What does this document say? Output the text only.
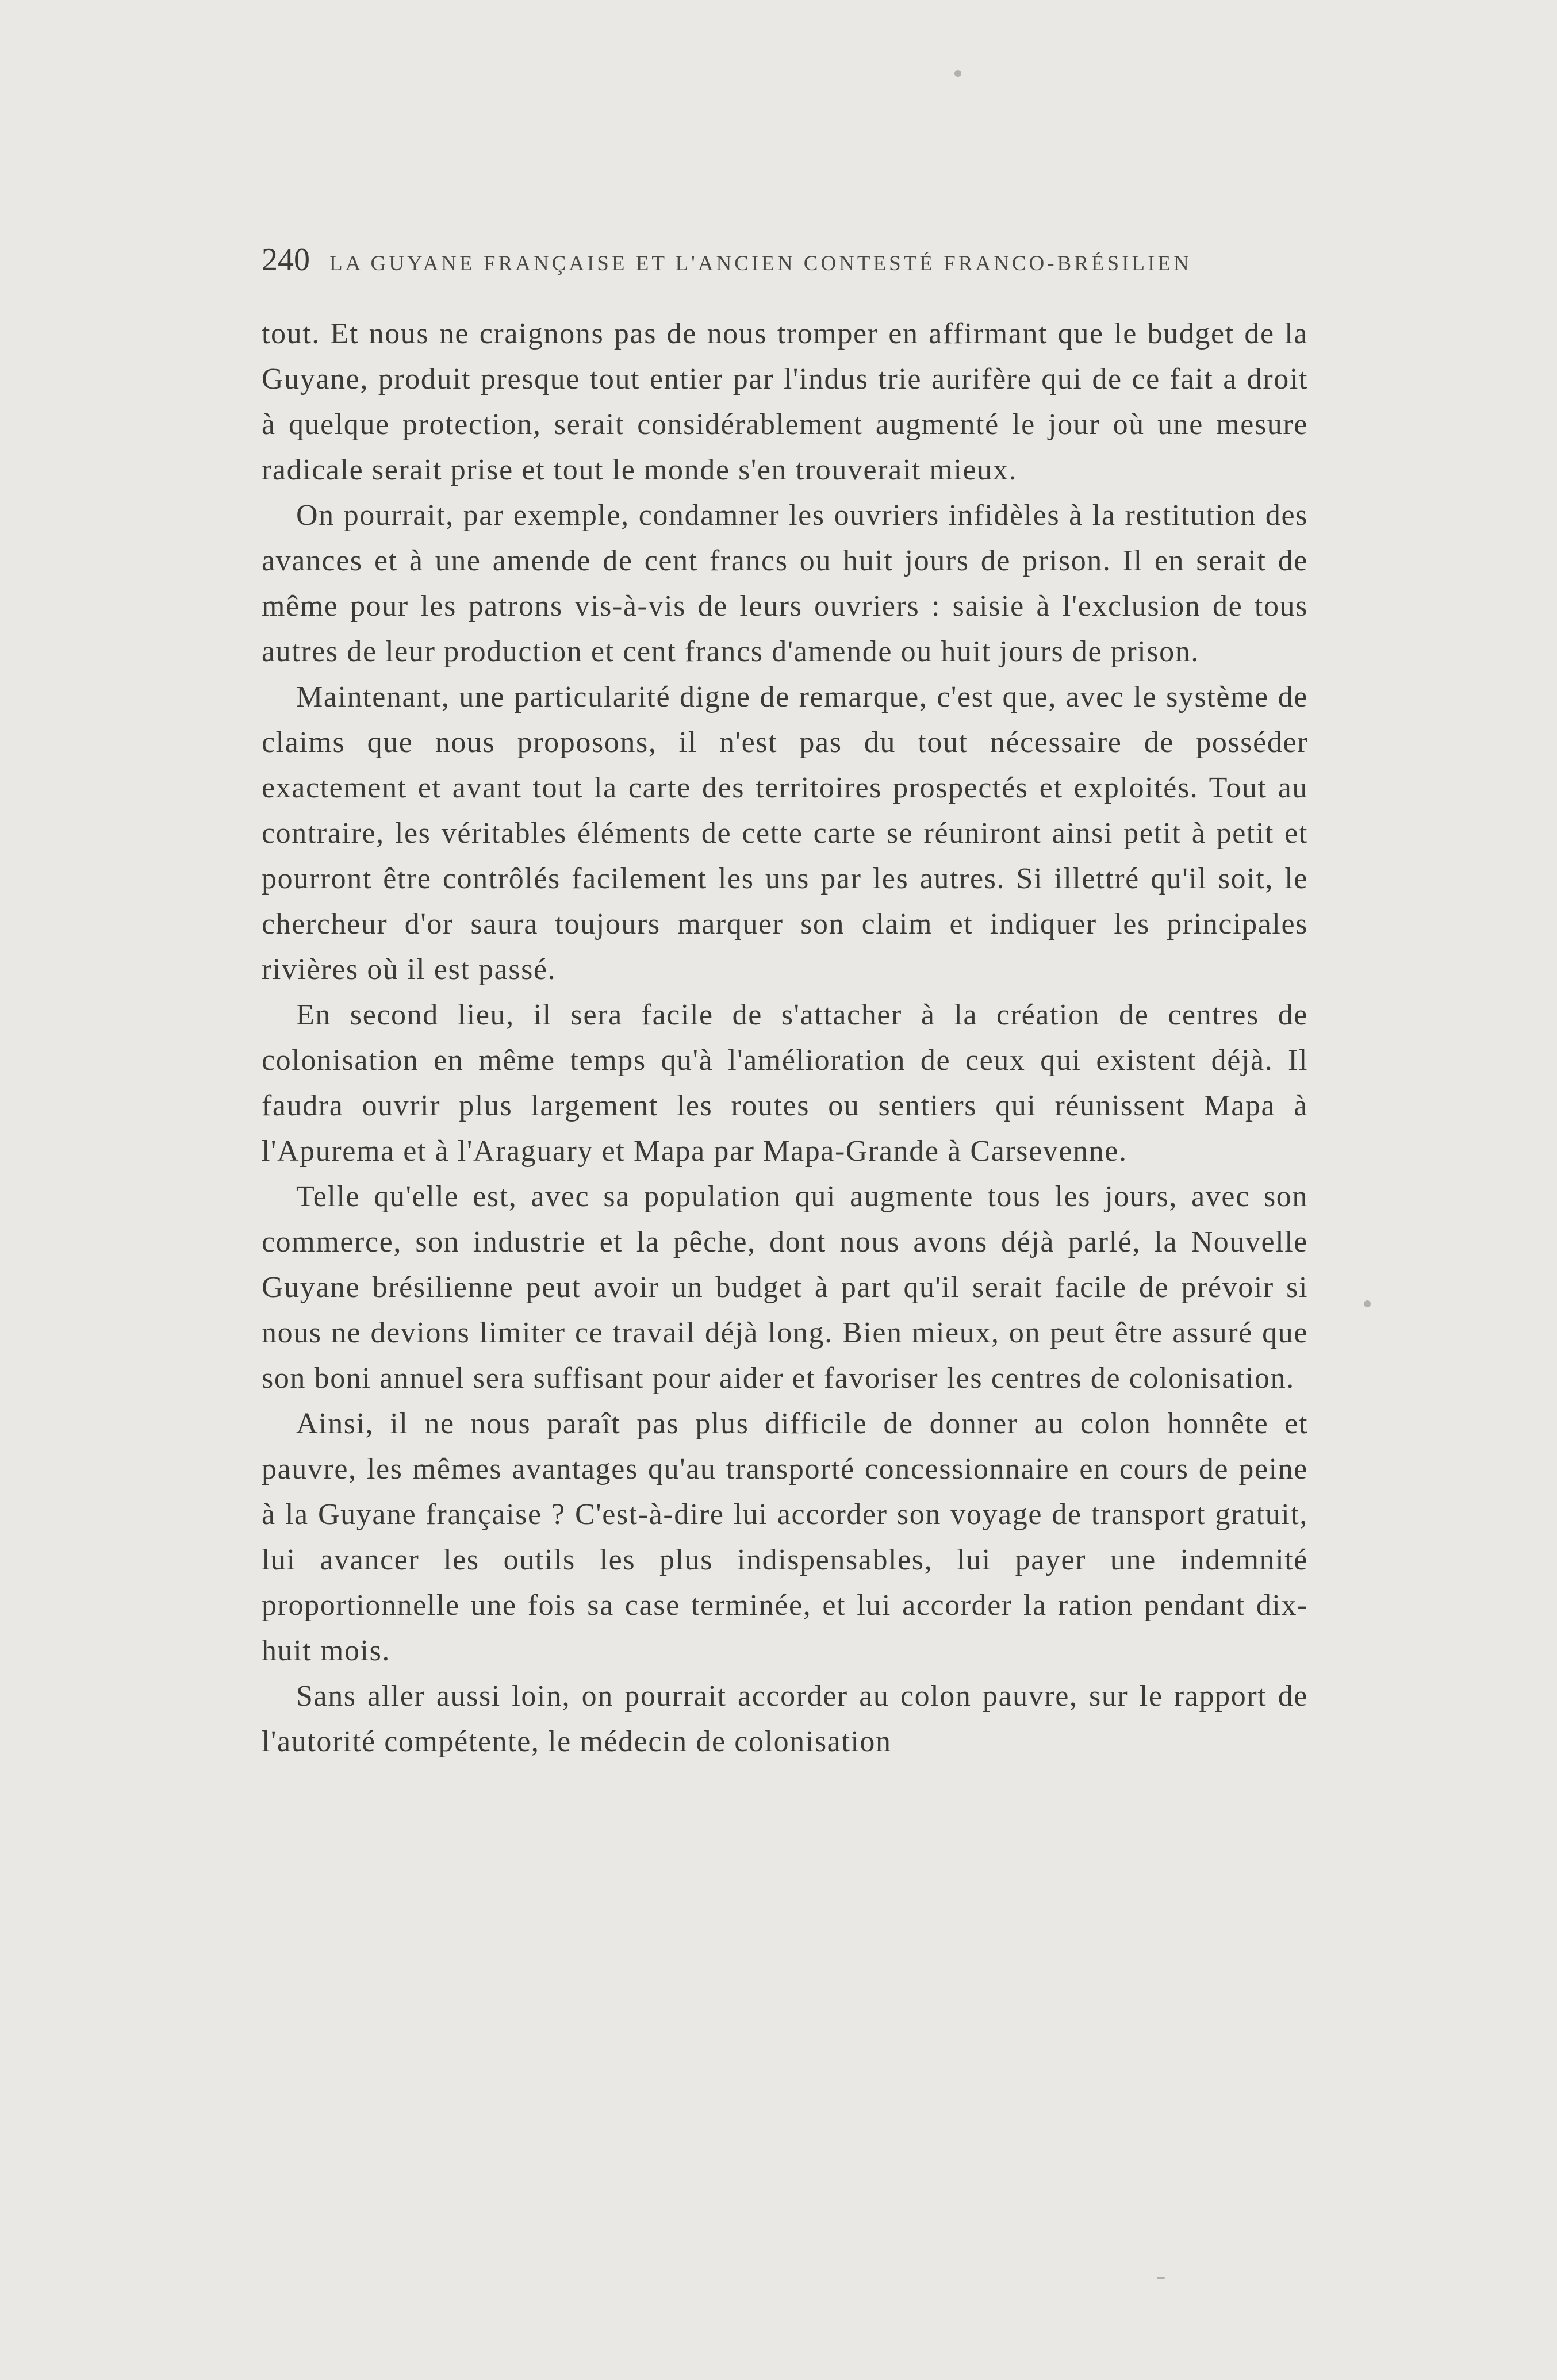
240 LA GUYANE FRANÇAISE ET L'ANCIEN CONTESTÉ FRANCO-BRÉSILIEN

tout. Et nous ne craignons pas de nous tromper en affirmant que le budget de la Guyane, produit presque tout entier par l'indus trie aurifère qui de ce fait a droit à quelque protection, serait considérablement augmenté le jour où une mesure radicale serait prise et tout le monde s'en trouverait mieux.

On pourrait, par exemple, condamner les ouvriers infidèles à la restitution des avances et à une amende de cent francs ou huit jours de prison. Il en serait de même pour les patrons vis-à-vis de leurs ouvriers : saisie à l'exclusion de tous autres de leur production et cent francs d'amende ou huit jours de prison.

Maintenant, une particularité digne de remarque, c'est que, avec le système de claims que nous proposons, il n'est pas du tout nécessaire de posséder exactement et avant tout la carte des territoires prospectés et exploités. Tout au contraire, les véritables éléments de cette carte se réuniront ainsi petit à petit et pourront être contrôlés facilement les uns par les autres. Si illettré qu'il soit, le chercheur d'or saura toujours marquer son claim et indiquer les principales rivières où il est passé.

En second lieu, il sera facile de s'attacher à la création de centres de colonisation en même temps qu'à l'amélioration de ceux qui existent déjà. Il faudra ouvrir plus largement les routes ou sentiers qui réunissent Mapa à l'Apurema et à l'Araguary et Mapa par Mapa-Grande à Carsevenne.

Telle qu'elle est, avec sa population qui augmente tous les jours, avec son commerce, son industrie et la pêche, dont nous avons déjà parlé, la Nouvelle Guyane brésilienne peut avoir un budget à part qu'il serait facile de prévoir si nous ne devions limiter ce travail déjà long. Bien mieux, on peut être assuré que son boni annuel sera suffisant pour aider et favoriser les centres de colonisation.

Ainsi, il ne nous paraît pas plus difficile de donner au colon honnête et pauvre, les mêmes avantages qu'au transporté concessionnaire en cours de peine à la Guyane française ? C'est-à-dire lui accorder son voyage de transport gratuit, lui avancer les outils les plus indispensables, lui payer une indemnité proportionnelle une fois sa case terminée, et lui accorder la ration pendant dix-huit mois.

Sans aller aussi loin, on pourrait accorder au colon pauvre, sur le rapport de l'autorité compétente, le médecin de colonisation
